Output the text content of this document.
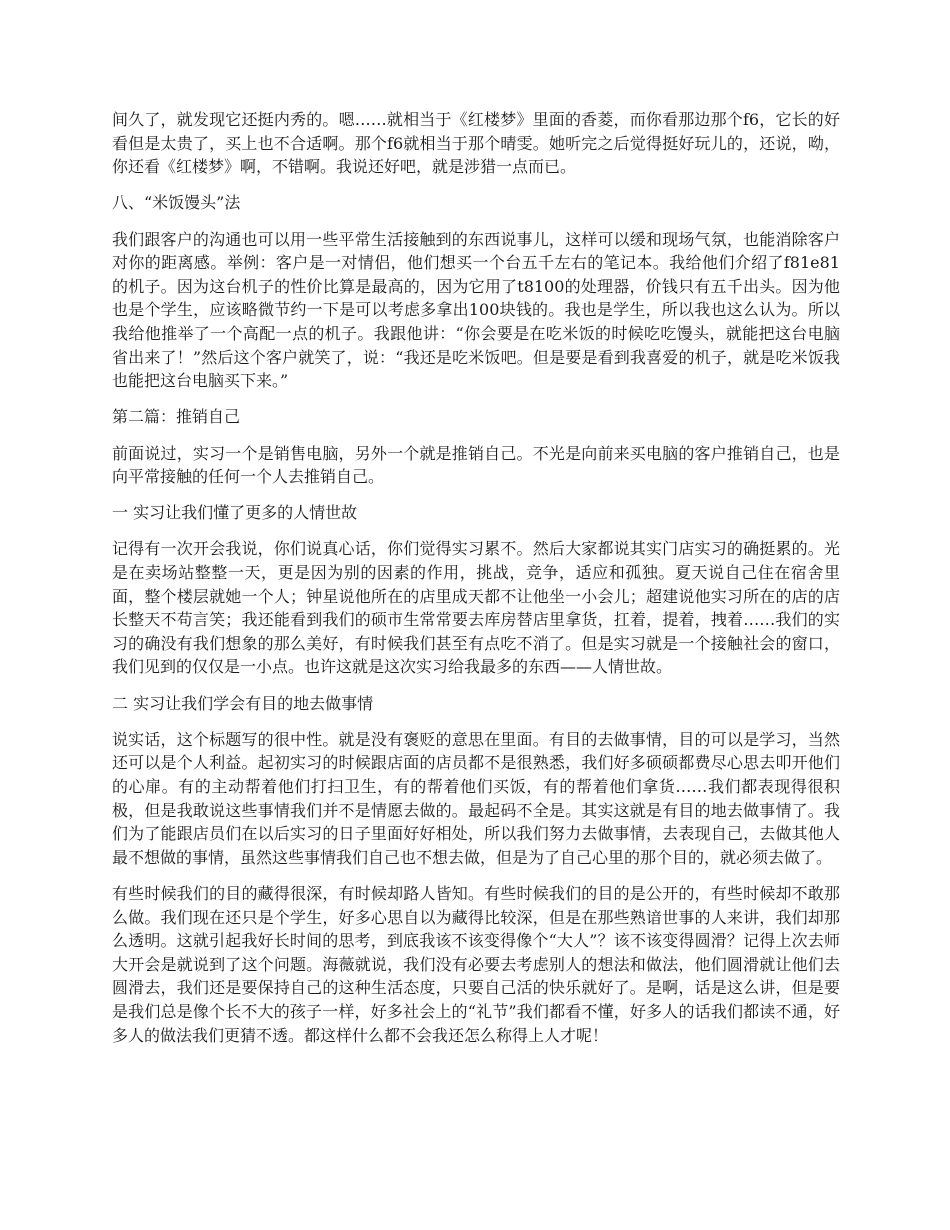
间久了，就发现它还挺内秀的。嗯……就相当于《红楼梦》里面的香菱，而你看那边那个f6，它长的好看但是太贵了，买上也不合适啊。那个f6就相当于那个晴雯。她听完之后觉得挺好玩儿的，还说，呦，你还看《红楼梦》啊，不错啊。我说还好吧，就是涉猎一点而已。

八、“米饭馒头”法

我们跟客户的沟通也可以用一些平常生活接触到的东西说事儿，这样可以缓和现场气氛，也能消除客户对你的距离感。举例：客户是一对情侣，他们想买一个台五千左右的笔记本。我给他们介绍了f81e81的机子。因为这台机子的性价比算是最高的，因为它用了t8100的处理器，价钱只有五千出头。因为他也是个学生，应该略微节约一下是可以考虑多拿出100块钱的。我也是学生，所以我也这么认为。所以我给他推举了一个高配一点的机子。我跟他讲：“你会要是在吃米饭的时候吃吃馒头，就能把这台电脑省出来了！”然后这个客户就笑了，说：“我还是吃米饭吧。但是要是看到我喜爱的机子，就是吃米饭我也能把这台电脑买下来。”

第二篇：推销自己

前面说过，实习一个是销售电脑，另外一个就是推销自己。不光是向前来买电脑的客户推销自己，也是向平常接触的任何一个人去推销自己。

一 实习让我们懂了更多的人情世故

记得有一次开会我说，你们说真心话，你们觉得实习累不。然后大家都说其实门店实习的确挺累的。光是在卖场站整整一天，更是因为别的因素的作用，挑战，竞争，适应和孤独。夏天说自己住在宿舍里面，整个楼层就她一个人；钟星说他所在的店里成天都不让他坐一小会儿；超建说他实习所在的店的店长整天不苟言笑；我还能看到我们的硕市生常常要去库房替店里拿货，扛着，提着，拽着……我们的实习的确没有我们想象的那么美好，有时候我们甚至有点吃不消了。但是实习就是一个接触社会的窗口，我们见到的仅仅是一小点。也许这就是这次实习给我最多的东西——人情世故。

二 实习让我们学会有目的地去做事情

说实话，这个标题写的很中性。就是没有褒贬的意思在里面。有目的去做事情，目的可以是学习，当然还可以是个人利益。起初实习的时候跟店面的店员都不是很熟悉，我们好多硕硕都费尽心思去叩开他们的心扉。有的主动帮着他们打扫卫生，有的帮着他们买饭，有的帮着他们拿货……我们都表现得很积极，但是我敢说这些事情我们并不是情愿去做的。最起码不全是。其实这就是有目的地去做事情了。我们为了能跟店员们在以后实习的日子里面好好相处，所以我们努力去做事情，去表现自己，去做其他人最不想做的事情，虽然这些事情我们自己也不想去做，但是为了自己心里的那个目的，就必须去做了。

有些时候我们的目的藏得很深，有时候却路人皆知。有些时候我们的目的是公开的，有些时候却不敢那么做。我们现在还只是个学生，好多心思自以为藏得比较深，但是在那些熟谙世事的人来讲，我们却那么透明。这就引起我好长时间的思考，到底我该不该变得像个“大人”？该不该变得圆滑？记得上次去师大开会是就说到了这个问题。海薇就说，我们没有必要去考虑别人的想法和做法，他们圆滑就让他们去圆滑去，我们还是要保持自己的这种生活态度，只要自己活的快乐就好了。是啊，话是这么讲，但是要是我们总是像个长不大的孩子一样，好多社会上的“礼节”我们都看不懂，好多人的话我们都读不通，好多人的做法我们更猜不透。都这样什么都不会我还怎么称得上人才呢！
